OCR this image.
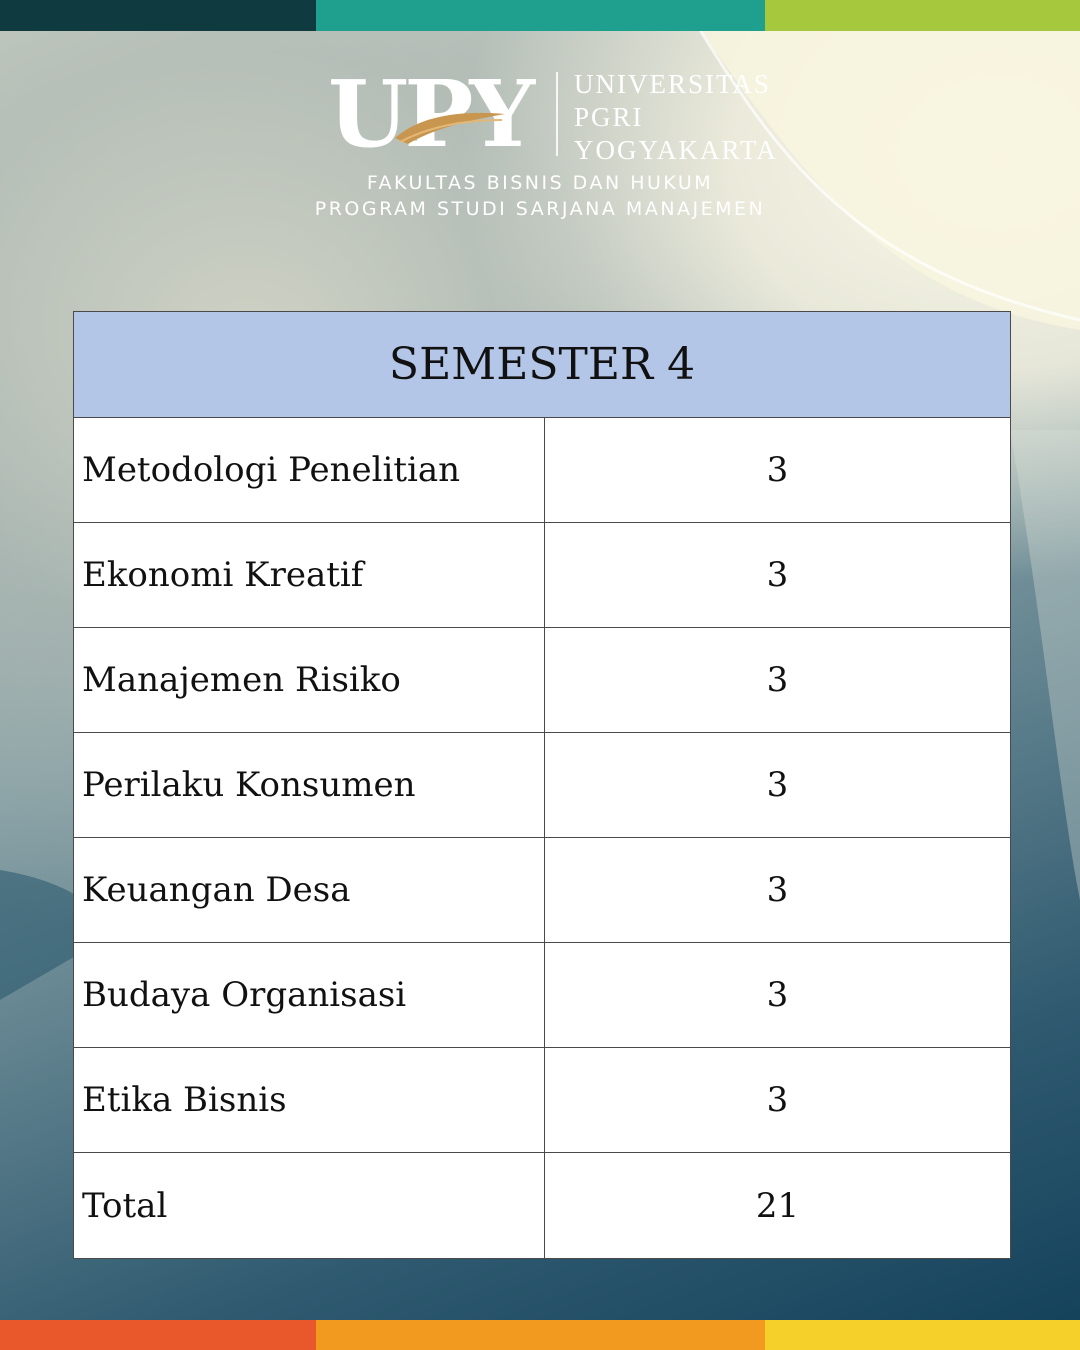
UPY UNIVERSITAS
PGRI
YOGYAKARTA
FAKULTAS BISNIS DAN HUKUM
PROGRAM STUDI SARJANA MANAJEMEN
SEMESTER 4
Metodologi Penelitian	3
Ekonomi Kreatif	3
Manajemen Risiko	3
Perilaku Konsumen	3
Keuangan Desa	3
Budaya Organisasi	3
Etika Bisnis	3
Total	21
